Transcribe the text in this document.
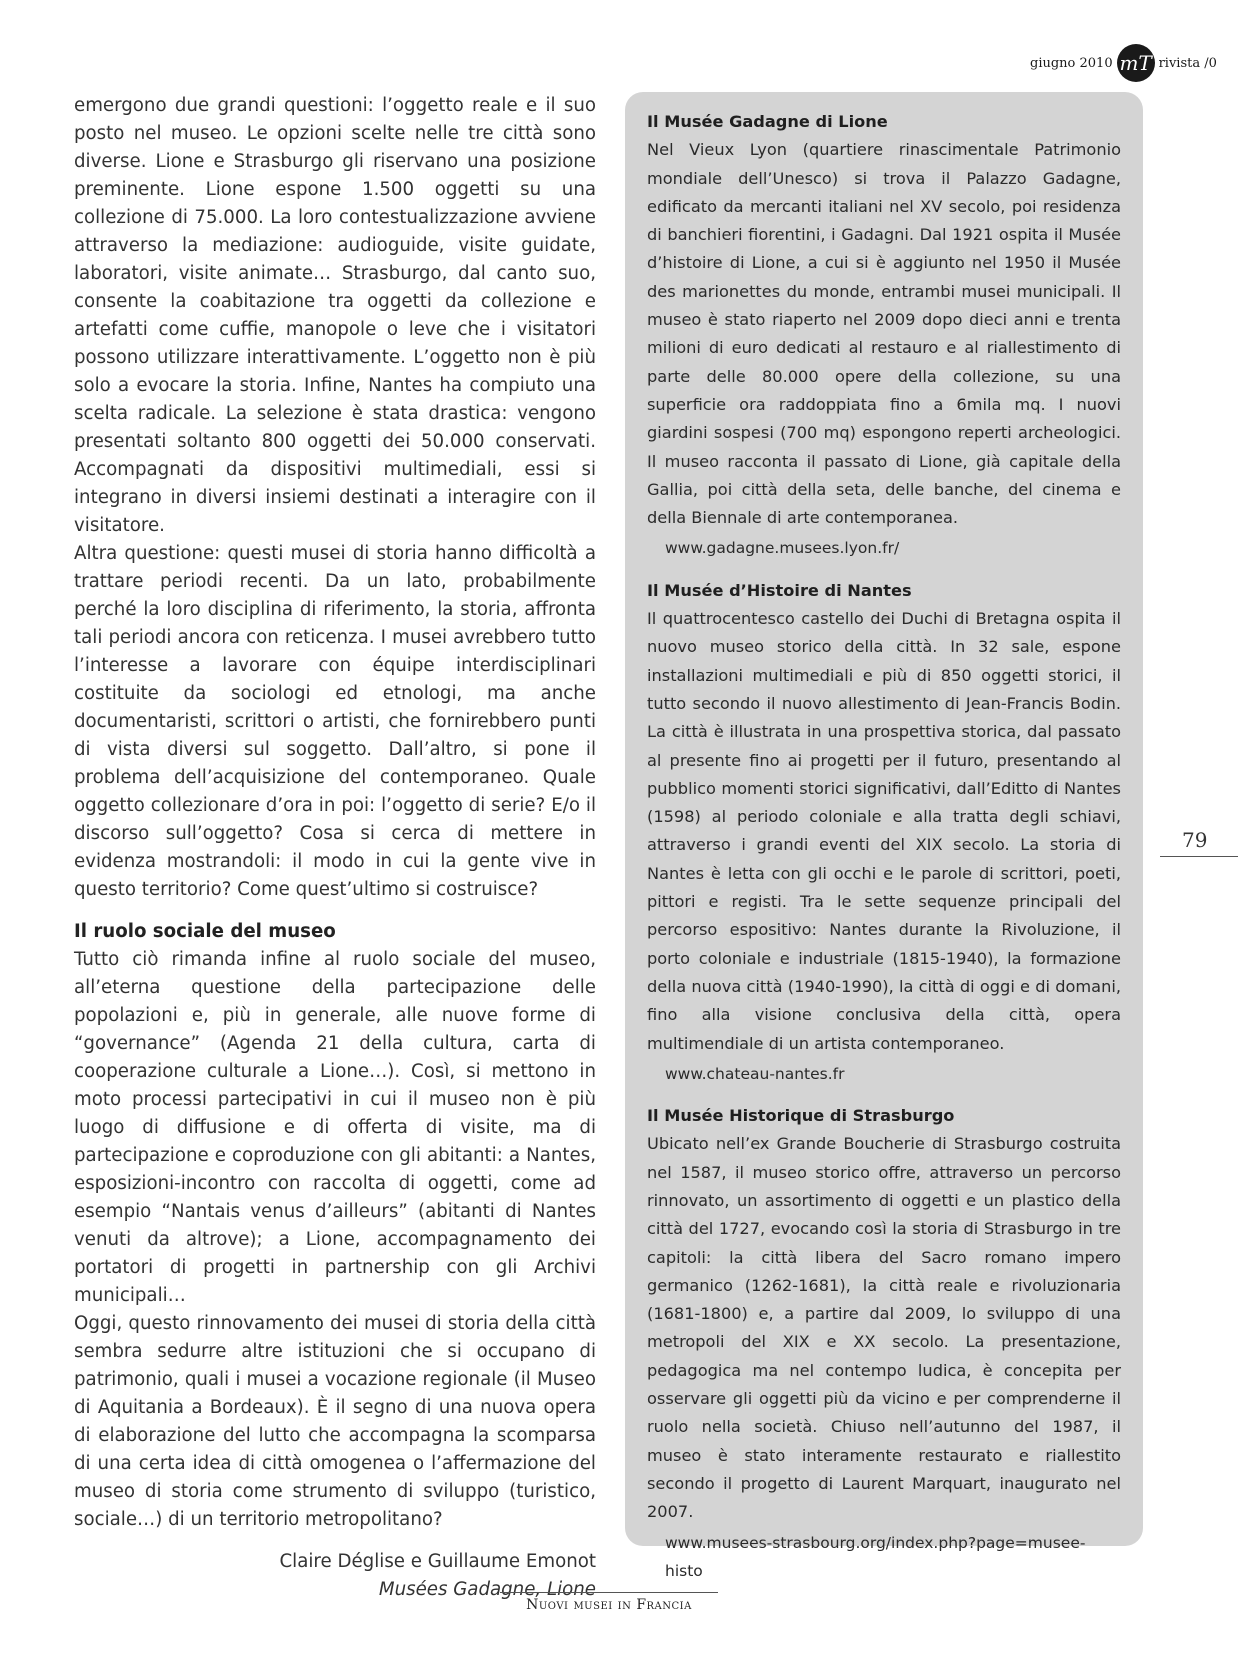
giugno 2010 mT rivista /0

emergono due grandi questioni: l’oggetto reale e il suo posto nel museo. Le opzioni scelte nelle tre città sono diverse. Lione e Strasburgo gli riservano una posizione preminente. Lione espone 1.500 oggetti su una collezione di 75.000. La loro contestualizzazione avviene attraverso la mediazione: audioguide, visite guidate, laboratori, visite animate… Strasburgo, dal canto suo, consente la coabitazione tra oggetti da collezione e artefatti come cuffie, manopole o leve che i visitatori possono utilizzare interattivamente. L’oggetto non è più solo a evocare la storia. Infine, Nantes ha compiuto una scelta radicale. La selezione è stata drastica: vengono presentati soltanto 800 oggetti dei 50.000 conservati. Accompagnati da dispositivi multimediali, essi si integrano in diversi insiemi destinati a interagire con il visitatore.

Altra questione: questi musei di storia hanno difficoltà a trattare periodi recenti. Da un lato, probabilmente perché la loro disciplina di riferimento, la storia, affronta tali periodi ancora con reticenza. I musei avrebbero tutto l’interesse a lavorare con équipe interdisciplinari costituite da sociologi ed etnologi, ma anche documentaristi, scrittori o artisti, che fornirebbero punti di vista diversi sul soggetto. Dall’altro, si pone il problema dell’acquisizione del contemporaneo. Quale oggetto collezionare d’ora in poi: l’oggetto di serie? E/o il discorso sull’oggetto? Cosa si cerca di mettere in evidenza mostrandoli: il modo in cui la gente vive in questo territorio? Come quest’ultimo si costruisce?

Il ruolo sociale del museo

Tutto ciò rimanda infine al ruolo sociale del museo, all’eterna questione della partecipazione delle popolazioni e, più in generale, alle nuove forme di “governance” (Agenda 21 della cultura, carta di cooperazione culturale a Lione…). Così, si mettono in moto processi partecipativi in cui il museo non è più luogo di diffusione e di offerta di visite, ma di partecipazione e coproduzione con gli abitanti: a Nantes, esposizioni-incontro con raccolta di oggetti, come ad esempio “Nantais venus d’ailleurs” (abitanti di Nantes venuti da altrove); a Lione, accompagnamento dei portatori di progetti in partnership con gli Archivi municipali…

Oggi, questo rinnovamento dei musei di storia della città sembra sedurre altre istituzioni che si occupano di patrimonio, quali i musei a vocazione regionale (il Museo di Aquitania a Bordeaux). È il segno di una nuova opera di elaborazione del lutto che accompagna la scomparsa di una certa idea di città omogenea o l’affermazione del museo di storia come strumento di sviluppo (turistico, sociale…) di un territorio metropolitano?

Claire Déglise e Guillaume Emonot
Musées Gadagne, Lione

Il Musée Gadagne di Lione

Nel Vieux Lyon (quartiere rinascimentale Patrimonio mondiale dell’Unesco) si trova il Palazzo Gadagne, edificato da mercanti italiani nel XV secolo, poi residenza di banchieri fiorentini, i Gadagni. Dal 1921 ospita il Musée d’histoire di Lione, a cui si è aggiunto nel 1950 il Musée des marionettes du monde, entrambi musei municipali. Il museo è stato riaperto nel 2009 dopo dieci anni e trenta milioni di euro dedicati al restauro e al riallestimento di parte delle 80.000 opere della collezione, su una superficie ora raddoppiata fino a 6mila mq. I nuovi giardini sospesi (700 mq) espongono reperti archeologici. Il museo racconta il passato di Lione, già capitale della Gallia, poi città della seta, delle banche, del cinema e della Biennale di arte contemporanea.

www.gadagne.musees.lyon.fr/

Il Musée d’Histoire di Nantes

Il quattrocentesco castello dei Duchi di Bretagna ospita il nuovo museo storico della città. In 32 sale, espone installazioni multimediali e più di 850 oggetti storici, il tutto secondo il nuovo allestimento di Jean-Francis Bodin. La città è illustrata in una prospettiva storica, dal passato al presente fino ai progetti per il futuro, presentando al pubblico momenti storici significativi, dall’Editto di Nantes (1598) al periodo coloniale e alla tratta degli schiavi, attraverso i grandi eventi del XIX secolo. La storia di Nantes è letta con gli occhi e le parole di scrittori, poeti, pittori e registi. Tra le sette sequenze principali del percorso espositivo: Nantes durante la Rivoluzione, il porto coloniale e industriale (1815-1940), la formazione della nuova città (1940-1990), la città di oggi e di domani, fino alla visione conclusiva della città, opera multimendiale di un artista contemporaneo.

www.chateau-nantes.fr

Il Musée Historique di Strasburgo

Ubicato nell’ex Grande Boucherie di Strasburgo costruita nel 1587, il museo storico offre, attraverso un percorso rinnovato, un assortimento di oggetti e un plastico della città del 1727, evocando così la storia di Strasburgo in tre capitoli: la città libera del Sacro romano impero germanico (1262-1681), la città reale e rivoluzionaria (1681-1800) e, a partire dal 2009, lo sviluppo di una metropoli del XIX e XX secolo. La presentazione, pedagogica ma nel contempo ludica, è concepita per osservare gli oggetti più da vicino e per comprenderne il ruolo nella società. Chiuso nell’autunno del 1987, il museo è stato interamente restaurato e riallestito secondo il progetto di Laurent Marquart, inaugurato nel 2007.

www.musees-strasbourg.org/index.php?page=musee-histo
79
Nuovi musei in Francia
